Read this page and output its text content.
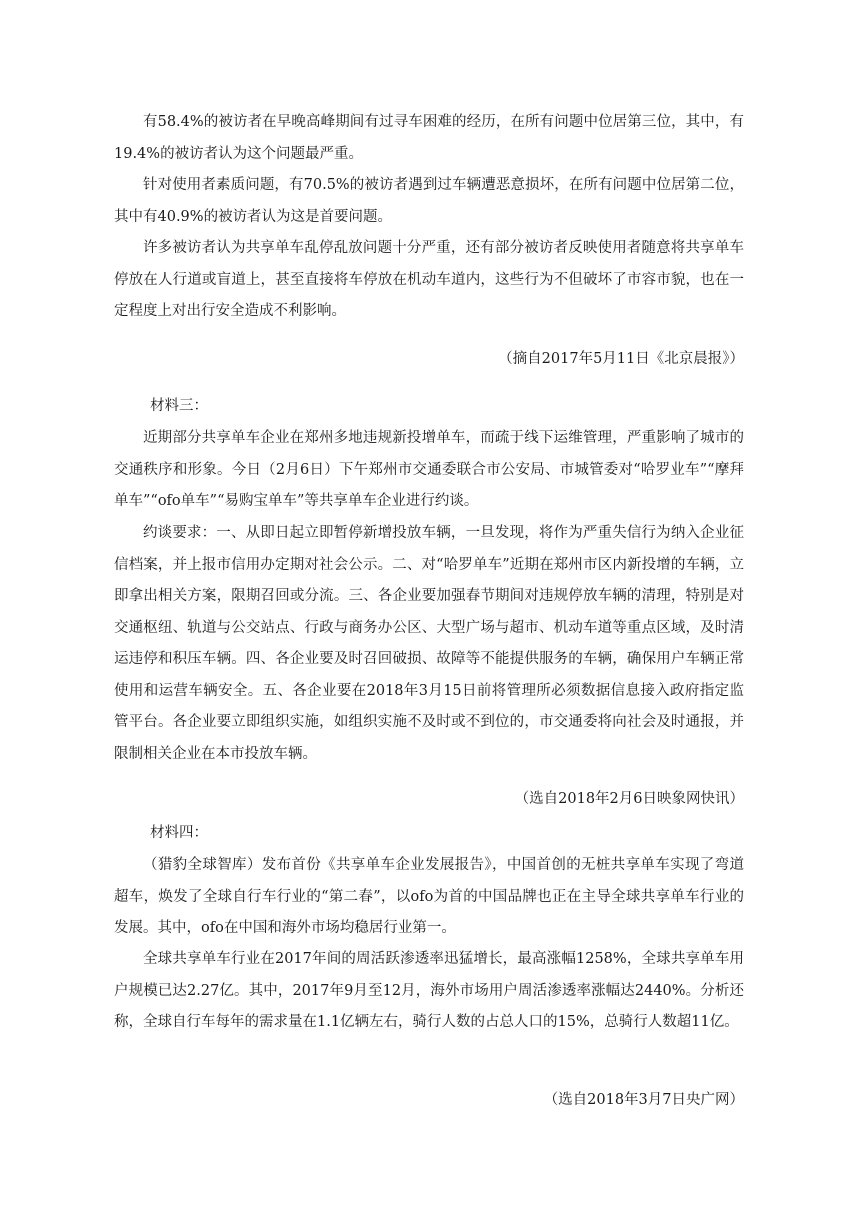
有58.4%的被访者在早晚高峰期间有过寻车困难的经历，在所有问题中位居第三位，其中，有19.4%的被访者认为这个问题最严重。

针对使用者素质问题，有70.5%的被访者遇到过车辆遭恶意损坏，在所有问题中位居第二位，其中有40.9%的被访者认为这是首要问题。

许多被访者认为共享单车乱停乱放问题十分严重，还有部分被访者反映使用者随意将共享单车停放在人行道或盲道上，甚至直接将车停放在机动车道内，这些行为不但破坏了市容市貌，也在一定程度上对出行安全造成不利影响。

（摘自2017年5月11日《北京晨报》）

材料三：

近期部分共享单车企业在郑州多地违规新投增单车，而疏于线下运维管理，严重影响了城市的交通秩序和形象。今日（2月6日）下午郑州市交通委联合市公安局、市城管委对“哈罗业车”“摩拜单车”“ofo单车”“易购宝单车”等共享单车企业进行约谈。

约谈要求：一、从即日起立即暂停新增投放车辆，一旦发现，将作为严重失信行为纳入企业征信档案，并上报市信用办定期对社会公示。二、对“哈罗单车”近期在郑州市区内新投增的车辆，立即拿出相关方案，限期召回或分流。三、各企业要加强春节期间对违规停放车辆的清理，特别是对交通枢纽、轨道与公交站点、行政与商务办公区、大型广场与超市、机动车道等重点区域，及时清运违停和积压车辆。四、各企业要及时召回破损、故障等不能提供服务的车辆，确保用户车辆正常使用和运营车辆安全。五、各企业要在2018年3月15日前将管理所必须数据信息接入政府指定监管平台。各企业要立即组织实施，如组织实施不及时或不到位的，市交通委将向社会及时通报，并限制相关企业在本市投放车辆。

（选自2018年2月6日映象网快讯）

材料四：

（猎豹全球智库）发布首份《共享单车企业发展报告》，中国首创的无桩共享单车实现了弯道超车，焕发了全球自行车行业的“第二春”，以ofo为首的中国品牌也正在主导全球共享单车行业的发展。其中，ofo在中国和海外市场均稳居行业第一。

全球共享单车行业在2017年间的周活跃渗透率迅猛增长，最高涨幅1258%，全球共享单车用户规模已达2.27亿。其中，2017年9月至12月，海外市场用户周活渗透率涨幅达2440%。分析还称，全球自行车每年的需求量在1.1亿辆左右，骑行人数的占总人口的15%，总骑行人数超11亿。

（选自2018年3月7日央广网）
